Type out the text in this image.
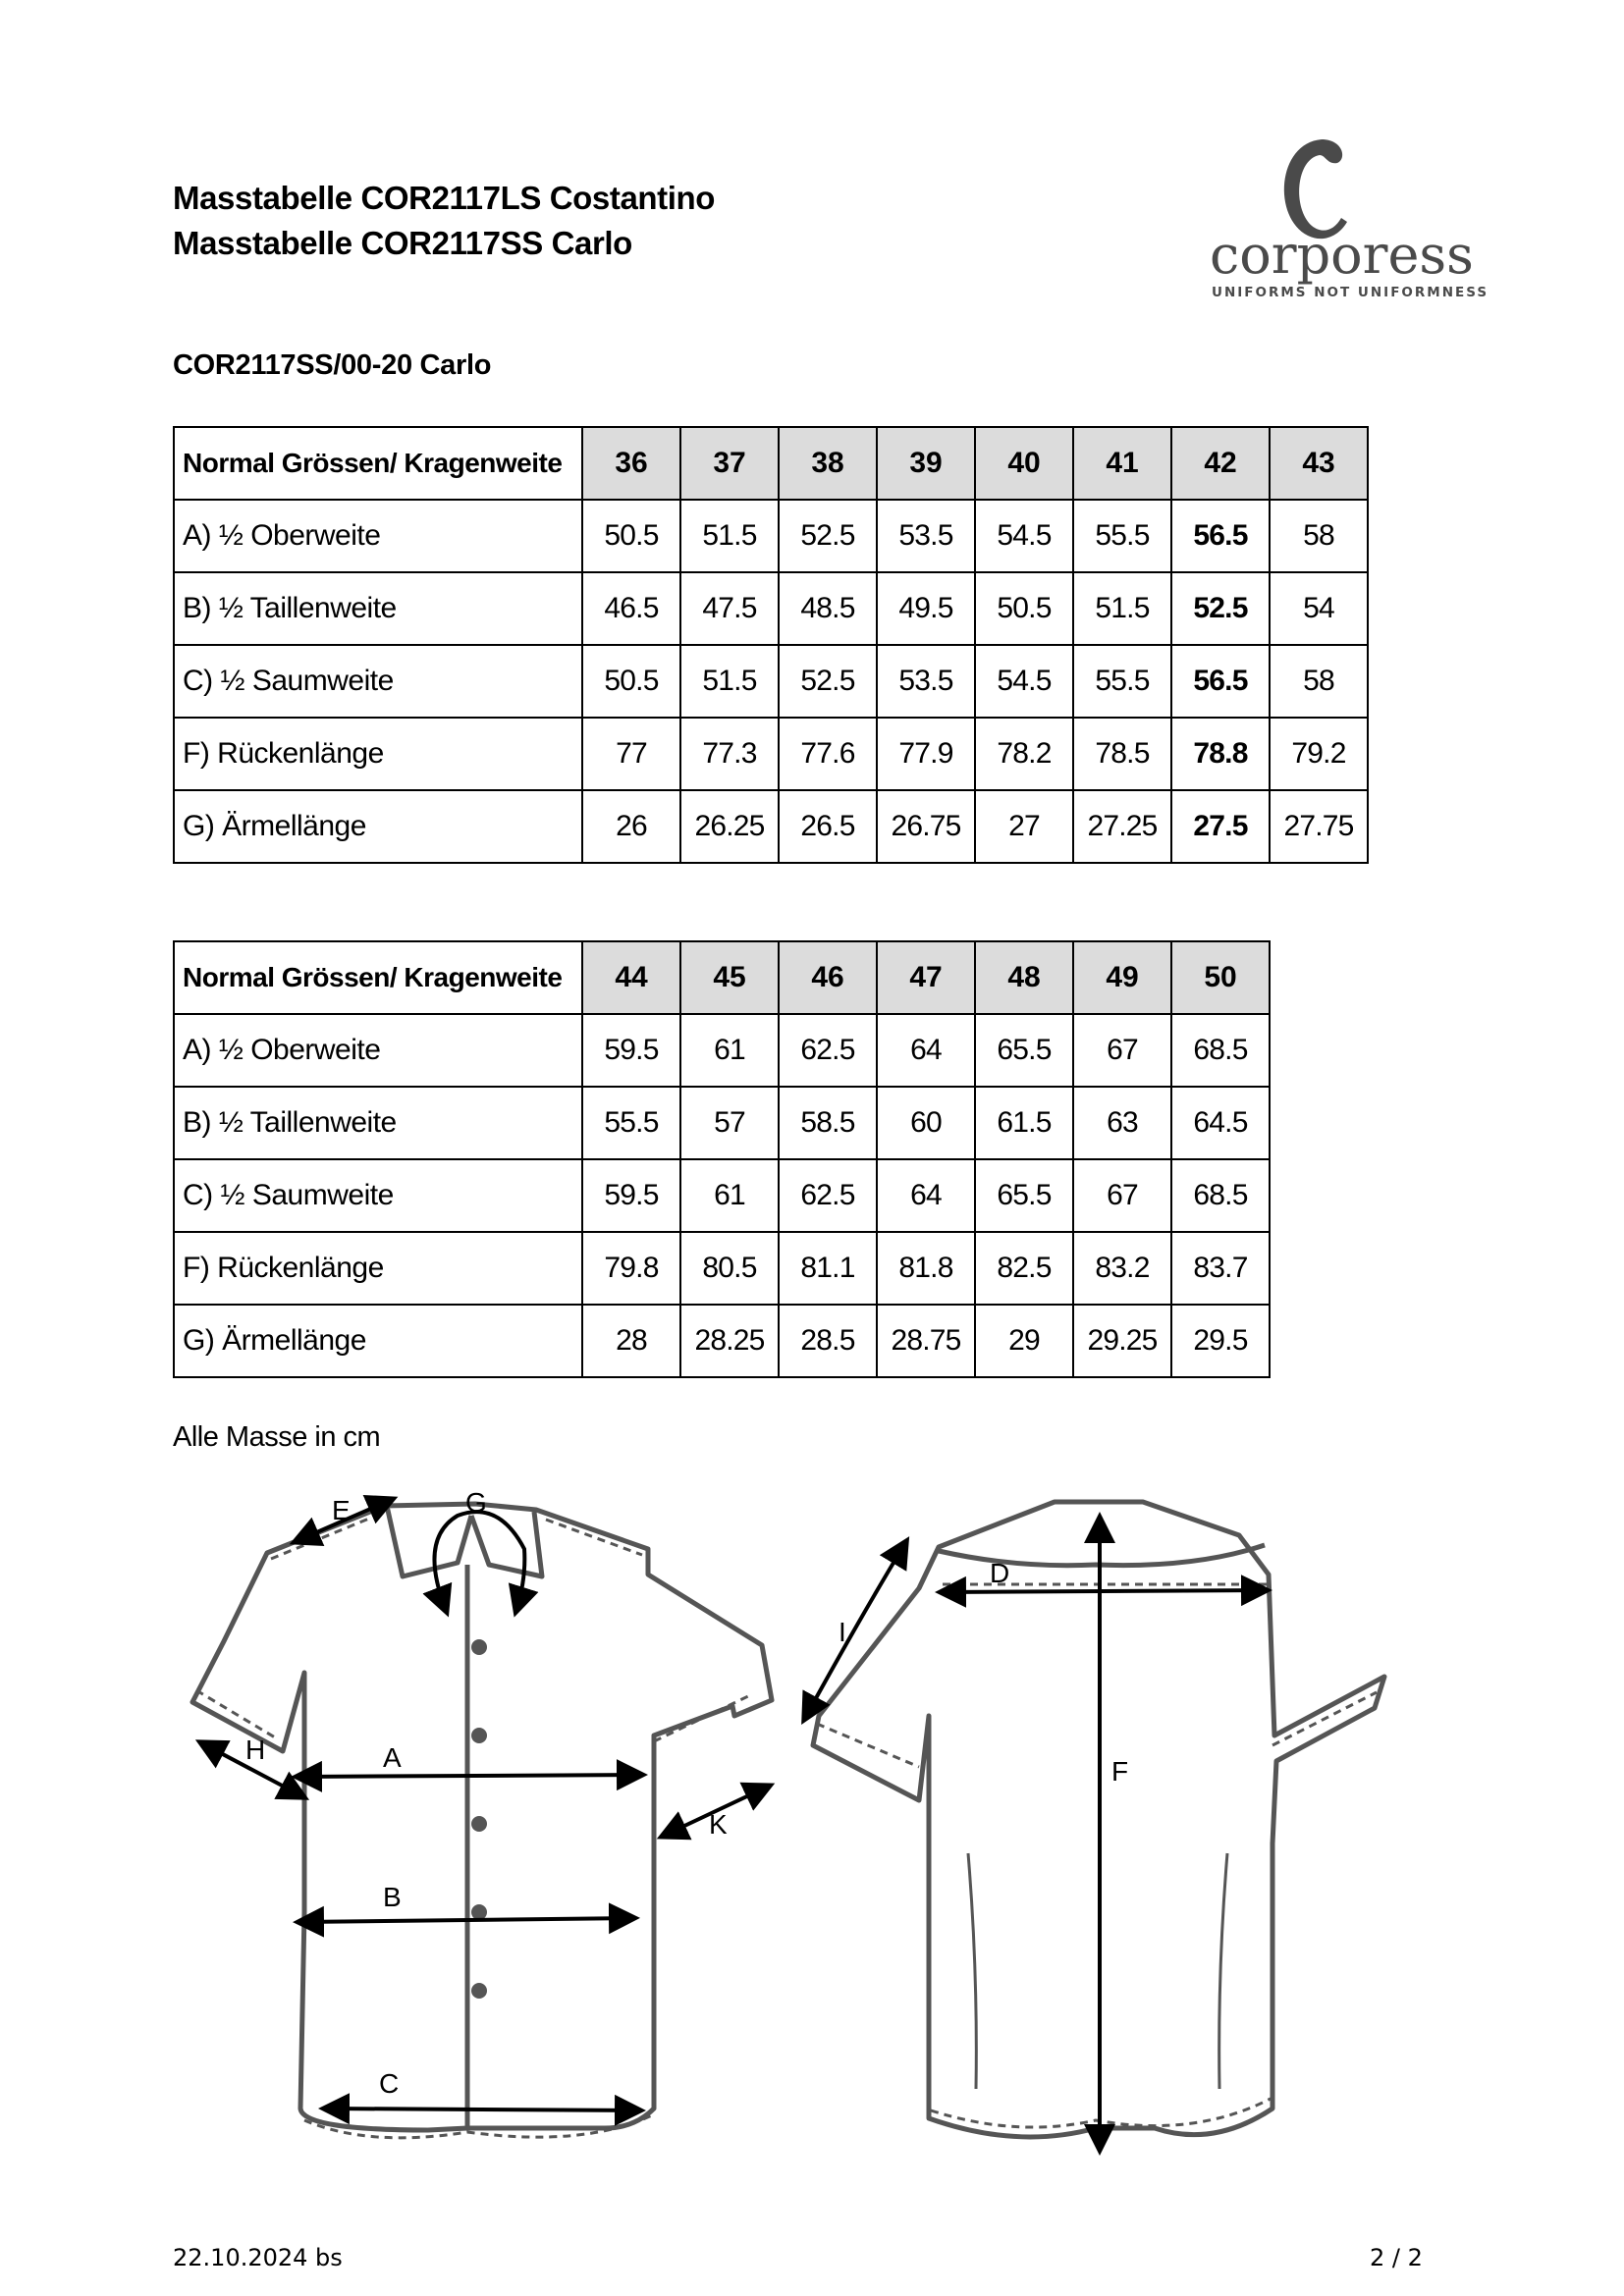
Masstabelle COR2117LS Costantino
Masstabelle COR2117SS Carlo	corporess
UNIFORMS NOT UNIFORMNESS
COR2117SS/00-20 Carlo
Normal Grössen/ Kragenweite	36	37	38	39	40	41	42	43
A) ½ Oberweite	50.5	51.5	52.5	53.5	54.5	55.5	56.5	58
B) ½ Taillenweite	46.5	47.5	48.5	49.5	50.5	51.5	52.5	54
C) ½ Saumweite	50.5	51.5	52.5	53.5	54.5	55.5	56.5	58
F) Rückenlänge	77	77.3	77.6	77.9	78.2	78.5	78.8	79.2
G) Ärmellänge	26	26.25	26.5	26.75	27	27.25	27.5	27.75
Normal Grössen/ Kragenweite	44	45	46	47	48	49	50
A) ½ Oberweite	59.5	61	62.5	64	65.5	67	68.5
B) ½ Taillenweite	55.5	57	58.5	60	61.5	63	64.5
C) ½ Saumweite	59.5	61	62.5	64	65.5	67	68.5
F) Rückenlänge	79.8	80.5	81.1	81.8	82.5	83.2	83.7
G) Ärmellänge	28	28.25	28.5	28.75	29	29.25	29.5
Alle Masse in cm
A
B
C
E	G
H
K
D
F
I
22.10.2024 bs	2 / 2
